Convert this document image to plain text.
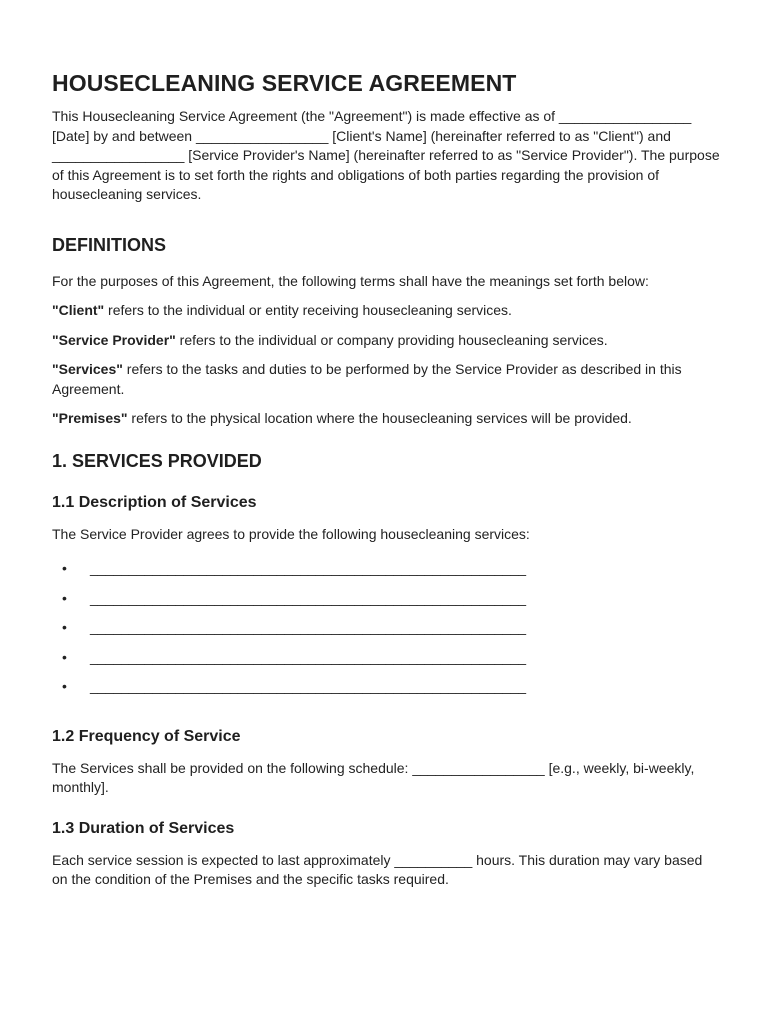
HOUSECLEANING SERVICE AGREEMENT

This Housecleaning Service Agreement (the "Agreement") is made effective as of _________________ [Date] by and between _________________ [Client's Name] (hereinafter referred to as "Client") and _________________ [Service Provider's Name] (hereinafter referred to as "Service Provider"). The purpose of this Agreement is to set forth the rights and obligations of both parties regarding the provision of housecleaning services.

DEFINITIONS

For the purposes of this Agreement, the following terms shall have the meanings set forth below:

"Client" refers to the individual or entity receiving housecleaning services.

"Service Provider" refers to the individual or company providing housecleaning services.

"Services" refers to the tasks and duties to be performed by the Service Provider as described in this Agreement.

"Premises" refers to the physical location where the housecleaning services will be provided.

1. SERVICES PROVIDED
1.1 Description of Services

The Service Provider agrees to provide the following housecleaning services:

• ________________________________________________________
• ________________________________________________________
• ________________________________________________________
• ________________________________________________________
• ________________________________________________________
1.2 Frequency of Service

The Services shall be provided on the following schedule: _________________ [e.g., weekly, bi-weekly, monthly].

1.3 Duration of Services

Each service session is expected to last approximately __________ hours. This duration may vary based on the condition of the Premises and the specific tasks required.
